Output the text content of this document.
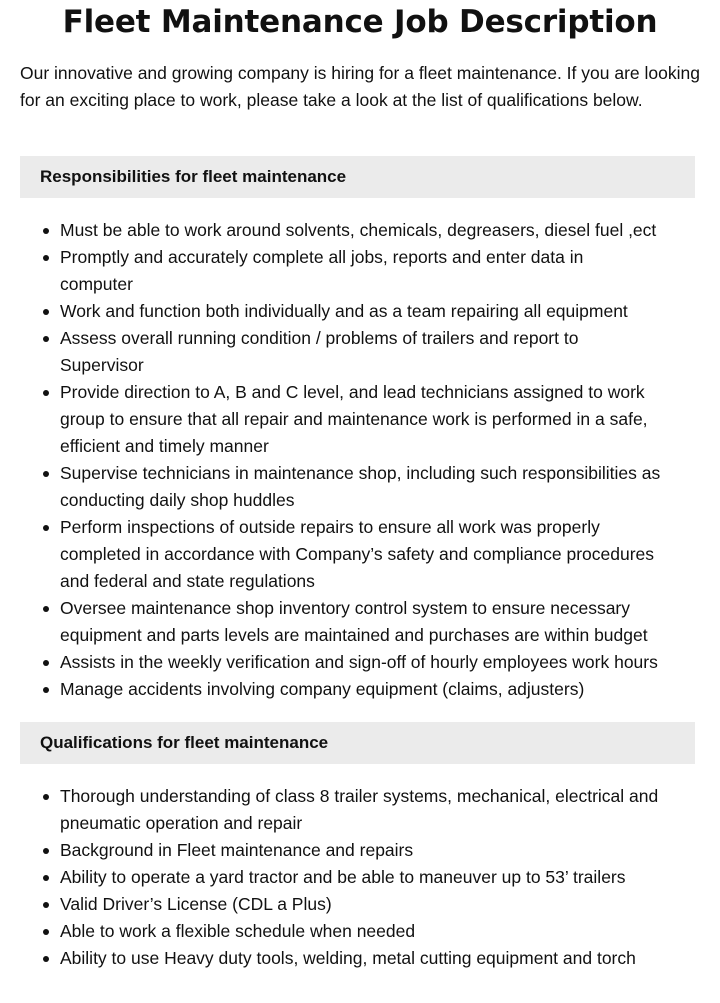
Fleet Maintenance Job Description

Our innovative and growing company is hiring for a fleet maintenance. If you are looking for an exciting place to work, please take a look at the list of qualifications below.

Responsibilities for fleet maintenance
Must be able to work around solvents, chemicals, degreasers, diesel fuel ,ect
Promptly and accurately complete all jobs, reports and enter data in
computer
Work and function both individually and as a team repairing all equipment
Assess overall running condition / problems of trailers and report to
Supervisor
Provide direction to A, B and C level, and lead technicians assigned to work
group to ensure that all repair and maintenance work is performed in a safe,
efficient and timely manner
Supervise technicians in maintenance shop, including such responsibilities as
conducting daily shop huddles
Perform inspections of outside repairs to ensure all work was properly
completed in accordance with Company’s safety and compliance procedures
and federal and state regulations
Oversee maintenance shop inventory control system to ensure necessary
equipment and parts levels are maintained and purchases are within budget
Assists in the weekly verification and sign-off of hourly employees work hours
Manage accidents involving company equipment (claims, adjusters)
Qualifications for fleet maintenance
Thorough understanding of class 8 trailer systems, mechanical, electrical and
pneumatic operation and repair
Background in Fleet maintenance and repairs
Ability to operate a yard tractor and be able to maneuver up to 53’ trailers
Valid Driver’s License (CDL a Plus)
Able to work a flexible schedule when needed
Ability to use Heavy duty tools, welding, metal cutting equipment and torch
